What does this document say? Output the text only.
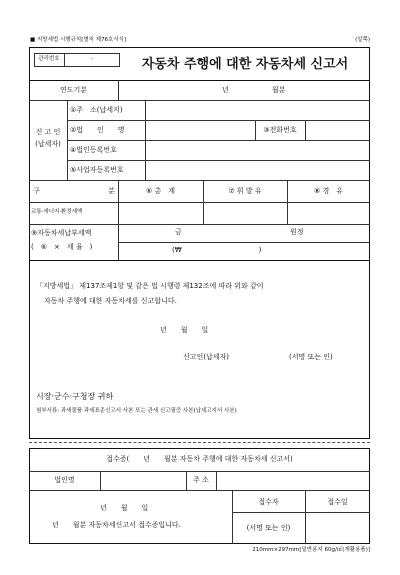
■ 지방세법 시행규칙[별지 제76호서식]	(앞쪽)
관리번호	-	자동차 주행에 대한 자동차세 신고서
연도기분	년	월분
신 고 인
(납세자)
①주　소(납세지)
②법　　인　　명	③전화번호
④법인등록번호
⑤사업자등록번호
구	분	⑥ 총　계	⑦ 휘 발 유	⑧ 경　유
교통·에너지·환경세액
⑨자동차세납부세액
(　⑥　×　세 율　)
금	원정
(₩　　　　　　　　　　　)
「지방세법」 제137조제1항 및 같은 법 시행령 제132조에 따라 위와 같이
자동차 주행에 대한 자동차세를 신고합니다.
년　　월　　일
신고인(납세자)	(서명 또는 인)
시장·군수·구청장 귀하
첨부서류: 과세물품 과세표준신고서 사본 또는 관세 신고필증 사본(납세고지서 사본)
접수증(　　년　　월분 자동차 주행에 대한 자동차세 신고서)
법인명	주 소
년　　월　　일
년　　월분 자동차세신고서 접수증입니다.
접수자	접수일
(서명 또는 인)
210mm×297mm[일반용지 60g/㎡(재활용품)]
